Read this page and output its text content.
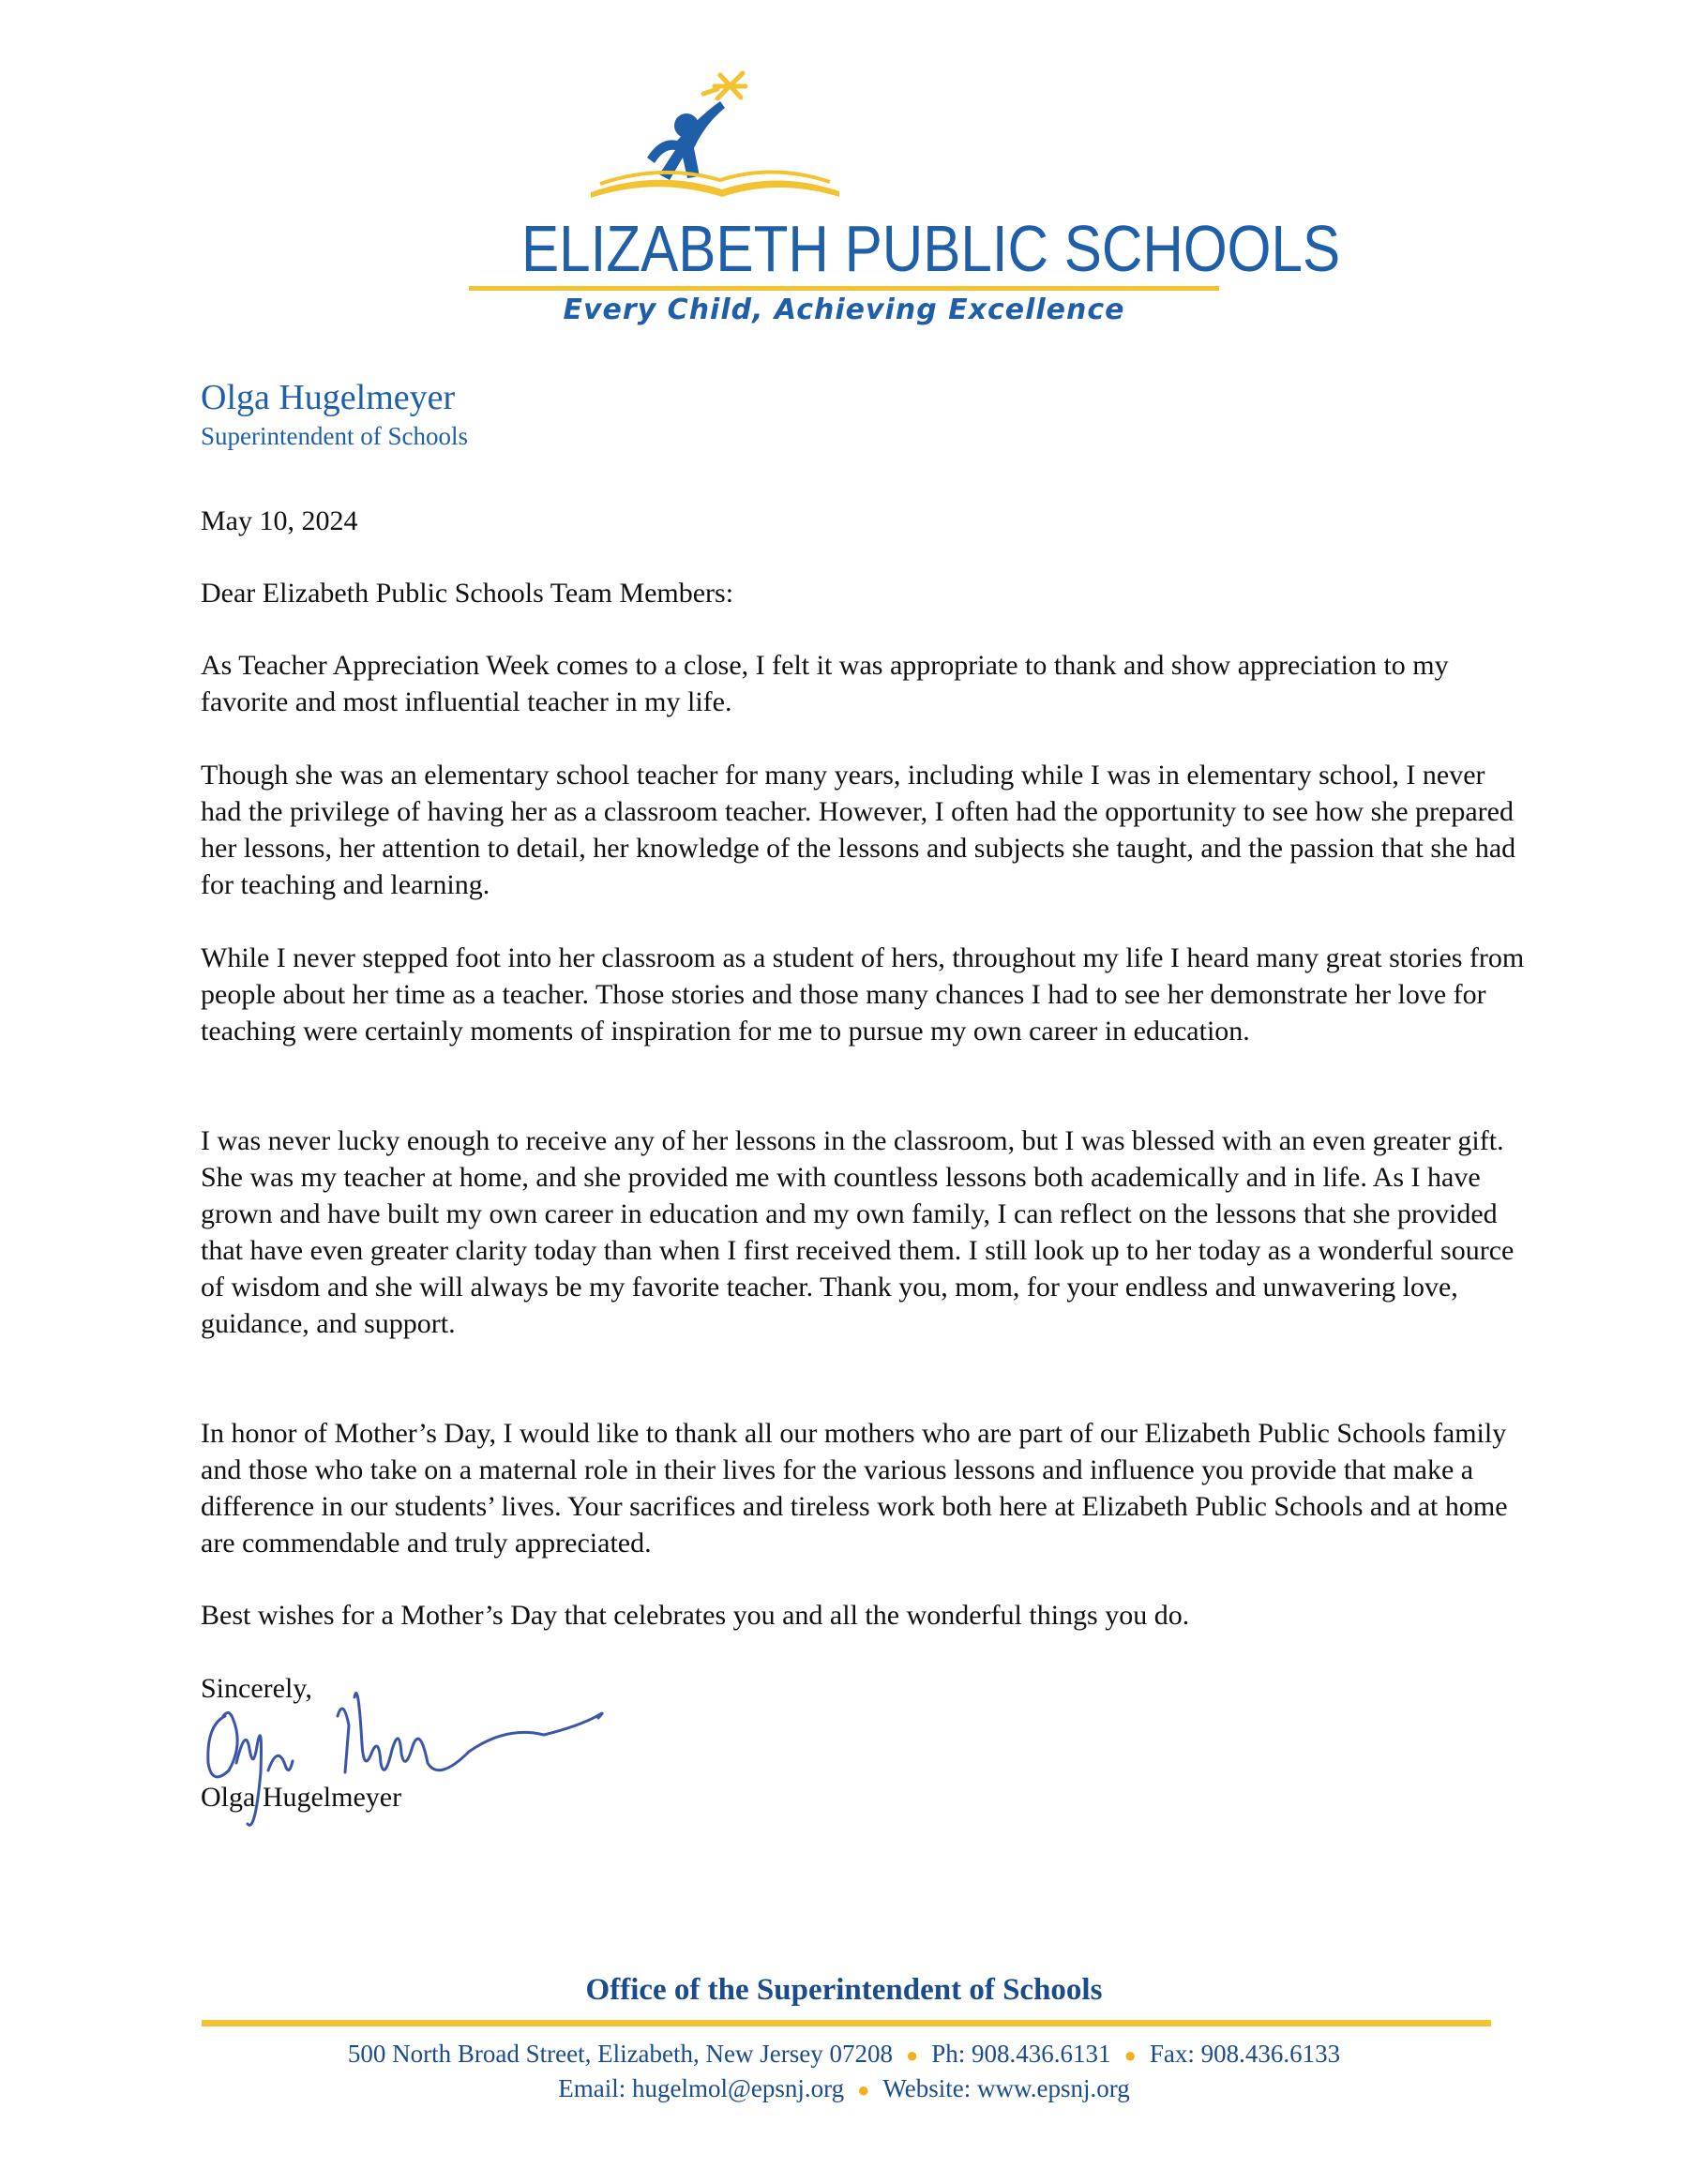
ELIZABETH PUBLIC SCHOOLS
Every Child, Achieving Excellence
Olga Hugelmeyer
Superintendent of Schools
May 10, 2024
Dear Elizabeth Public Schools Team Members:
As Teacher Appreciation Week comes to a close, I felt it was appropriate to thank and show appreciation to my favorite and most influential teacher in my life.
Though she was an elementary school teacher for many years, including while I was in elementary school, I never had the privilege of having her as a classroom teacher. However, I often had the opportunity to see how she prepared her lessons, her attention to detail, her knowledge of the lessons and subjects she taught, and the passion that she had for teaching and learning.
While I never stepped foot into her classroom as a student of hers, throughout my life I heard many great stories from people about her time as a teacher. Those stories and those many chances I had to see her demonstrate her love for teaching were certainly moments of inspiration for me to pursue my own career in education.
I was never lucky enough to receive any of her lessons in the classroom, but I was blessed with an even greater gift. She was my teacher at home, and she provided me with countless lessons both academically and in life. As I have grown and have built my own career in education and my own family, I can reflect on the lessons that she provided that have even greater clarity today than when I first received them. I still look up to her today as a wonderful source of wisdom and she will always be my favorite teacher. Thank you, mom, for your endless and unwavering love, guidance, and support.
In honor of Mother’s Day, I would like to thank all our mothers who are part of our Elizabeth Public Schools family and those who take on a maternal role in their lives for the various lessons and influence you provide that make a difference in our students’ lives. Your sacrifices and tireless work both here at Elizabeth Public Schools and at home are commendable and truly appreciated.
Best wishes for a Mother’s Day that celebrates you and all the wonderful things you do.
Sincerely,
Olga Hugelmeyer
Office of the Superintendent of Schools
500 North Broad Street, Elizabeth, New Jersey 07208 ● Ph: 908.436.6131 ● Fax: 908.436.6133
Email: hugelmol@epsnj.org ● Website: www.epsnj.org
